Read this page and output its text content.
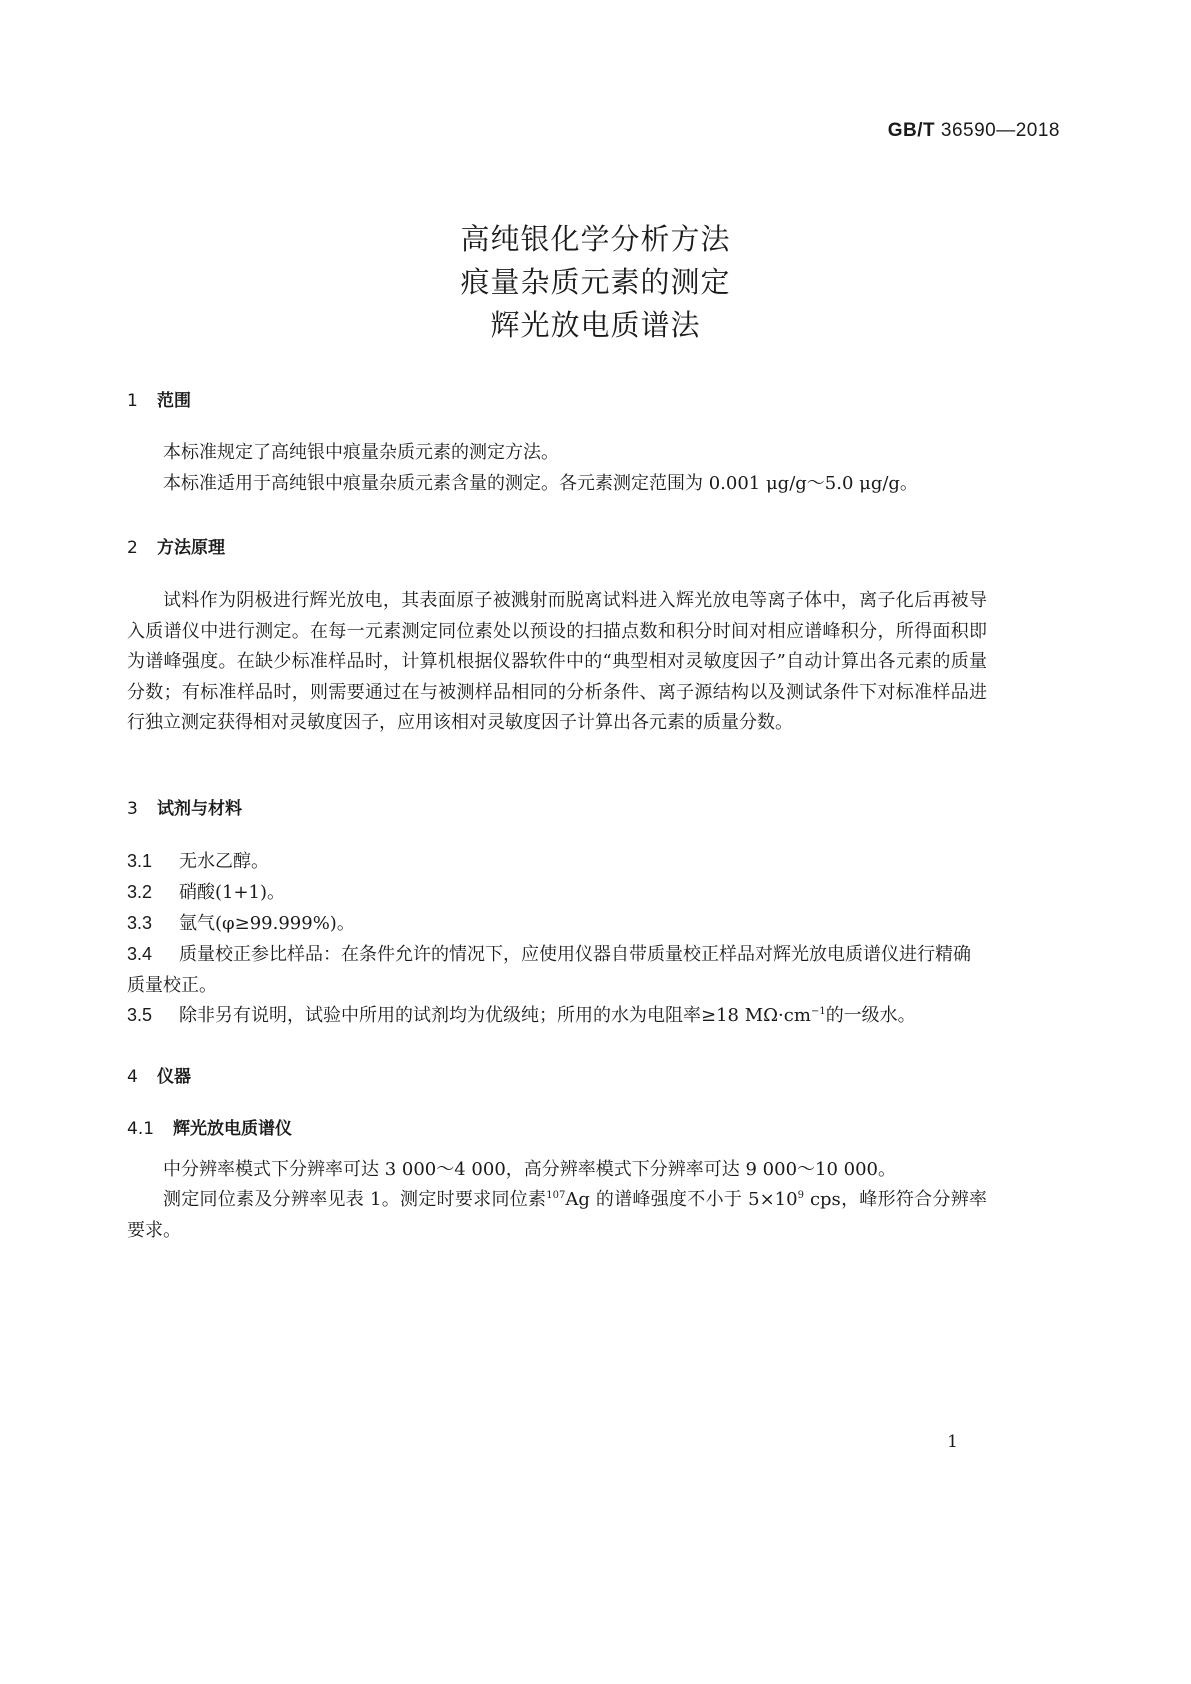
GB/T 36590—2018
高纯银化学分析方法
痕量杂质元素的测定
辉光放电质谱法
1 范围
本标准规定了高纯银中痕量杂质元素的测定方法。
本标准适用于高纯银中痕量杂质元素含量的测定。各元素测定范围为 0.001 μg/g～5.0 μg/g。
2 方法原理
试料作为阴极进行辉光放电，其表面原子被溅射而脱离试料进入辉光放电等离子体中，离子化后再被导入质谱仪中进行测定。在每一元素测定同位素处以预设的扫描点数和积分时间对相应谱峰积分，所得面积即为谱峰强度。在缺少标准样品时，计算机根据仪器软件中的“典型相对灵敏度因子”自动计算出各元素的质量分数；有标准样品时，则需要通过在与被测样品相同的分析条件、离子源结构以及测试条件下对标准样品进行独立测定获得相对灵敏度因子，应用该相对灵敏度因子计算出各元素的质量分数。
3 试剂与材料
3.1 无水乙醇。
3.2 硝酸(1+1)。
3.3 氩气(φ≥99.999%)。
3.4 质量校正参比样品：在条件允许的情况下，应使用仪器自带质量校正样品对辉光放电质谱仪进行精确质量校正。
3.5 除非另有说明，试验中所用的试剂均为优级纯；所用的水为电阻率≥18 $M\Omega\cdot cm^{-1}$的一级水。
4 仪器
4.1 辉光放电质谱仪
中分辨率模式下分辨率可达 3 000～4 000，高分辨率模式下分辨率可达 9 000～10 000。
测定同位素及分辨率见表 1。测定时要求同位素$^{107}$Ag 的谱峰强度不小于 $5\times 10^9$ cps，峰形符合分辨率要求。
1
